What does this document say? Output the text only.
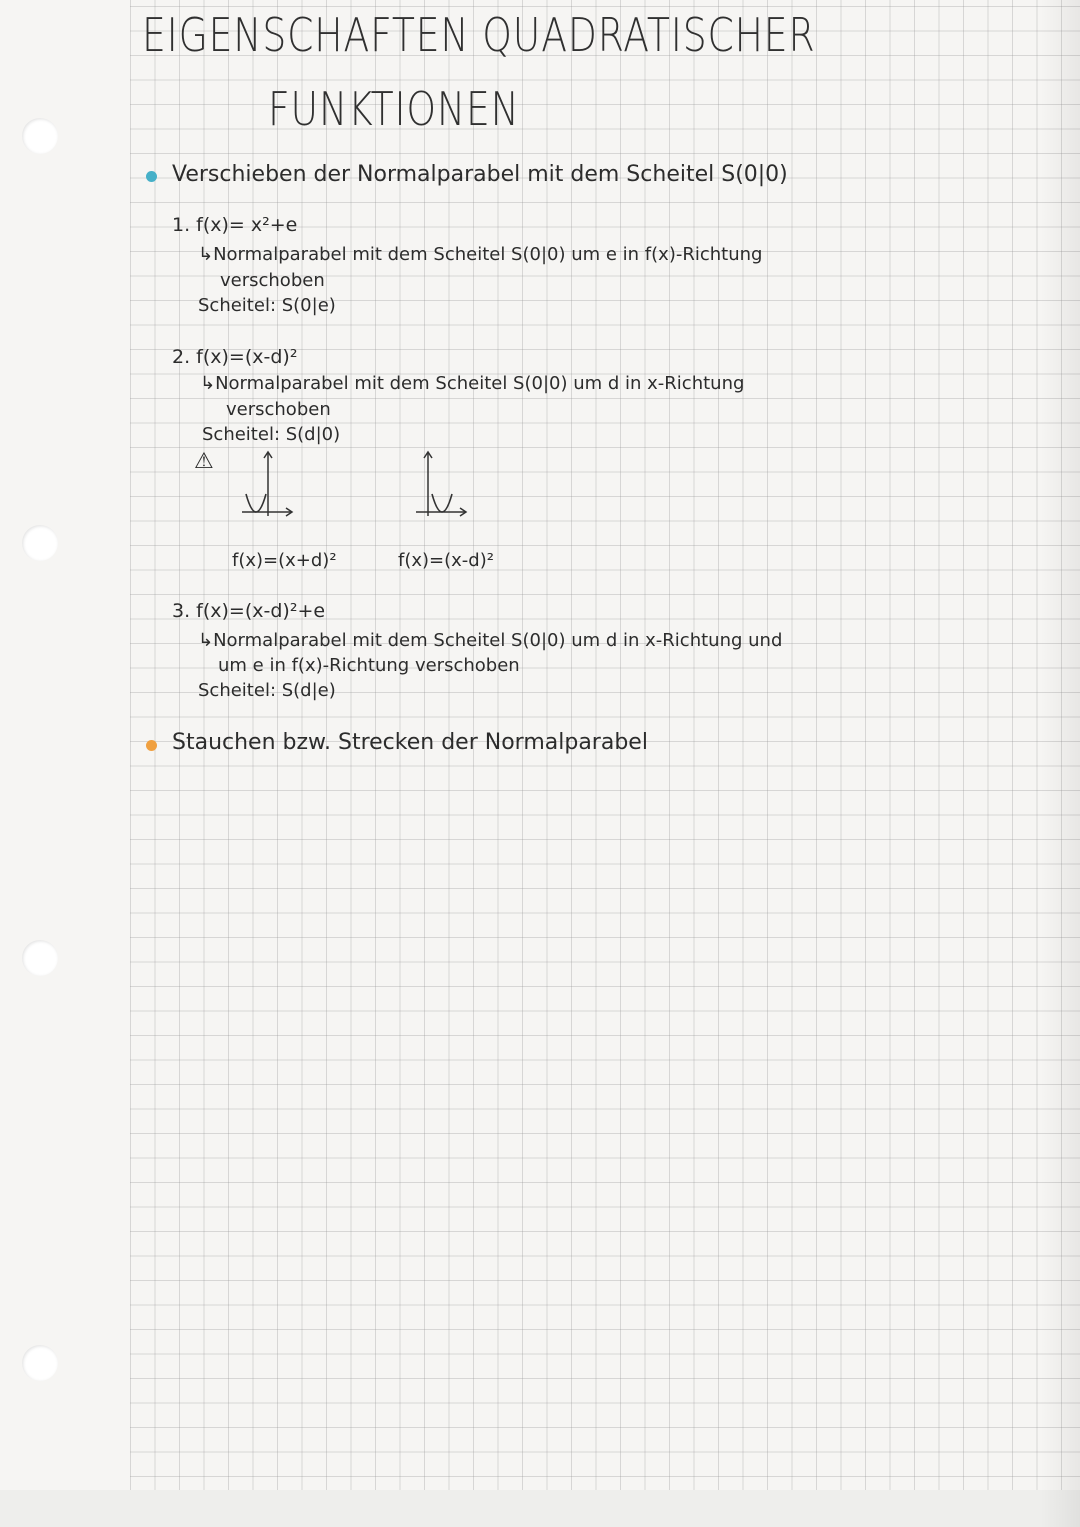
EIGENSCHAFTEN QUADRATISCHER
FUNKTIONEN

Verschieben der Normalparabel mit dem Scheitel S(0|0)

1. f(x)= x²+e

↳Normalparabel mit dem Scheitel S(0|0) um e in f(x)-Richtung

verschoben

Scheitel: S(0|e)

2. f(x)=(x-d)²

↳Normalparabel mit dem Scheitel S(0|0) um d in x-Richtung

verschoben

Scheitel: S(d|0)

⚠

f(x)=(x+d)²	f(x)=(x-d)²

3. f(x)=(x-d)²+e

↳Normalparabel mit dem Scheitel S(0|0) um d in x-Richtung und

um e in f(x)-Richtung verschoben

Scheitel: S(d|e)

Stauchen bzw. Strecken der Normalparabel
